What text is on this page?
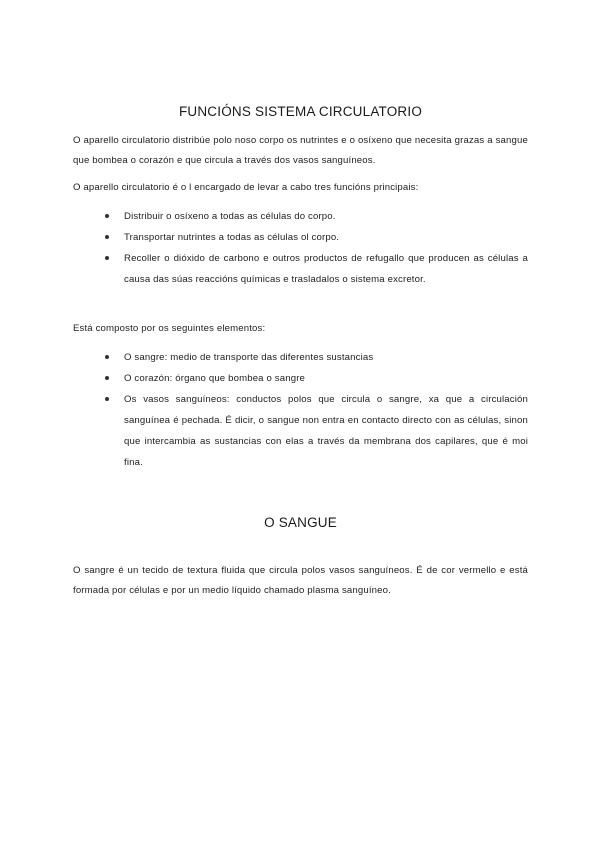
FUNCIÓNS SISTEMA CIRCULATORIO

O aparello circulatorio distribúe polo noso corpo os nutrintes e o osíxeno que necesita grazas a sangue que bombea o corazón e que circula a través dos vasos sanguíneos.

O aparello circulatorio é o l encargado de levar a cabo tres funcións principais:

Distribuir o osíxeno a todas as células do corpo.
Transportar nutrintes a todas as células ol corpo.
Recoller o dióxido de carbono e outros productos de refugallo que producen as células a causa das súas reaccións químicas e trasladalos o sistema excretor.

Está composto por os seguintes elementos:

O sangre: medio de transporte das diferentes sustancias
O corazón: órgano que bombea o sangre
Os vasos sanguíneos: conductos polos que circula o sangre, xa que a circulación sanguínea é pechada. É dicir, o sangue non entra en contacto directo con as células, sinon que intercambia as sustancias con elas a través da membrana dos capilares, que é moi fina.
O SANGUE

O sangre é un tecido de textura fluida que circula polos vasos sanguíneos. É de cor vermello e está formada por células e por un medio líquido chamado plasma sanguíneo.
